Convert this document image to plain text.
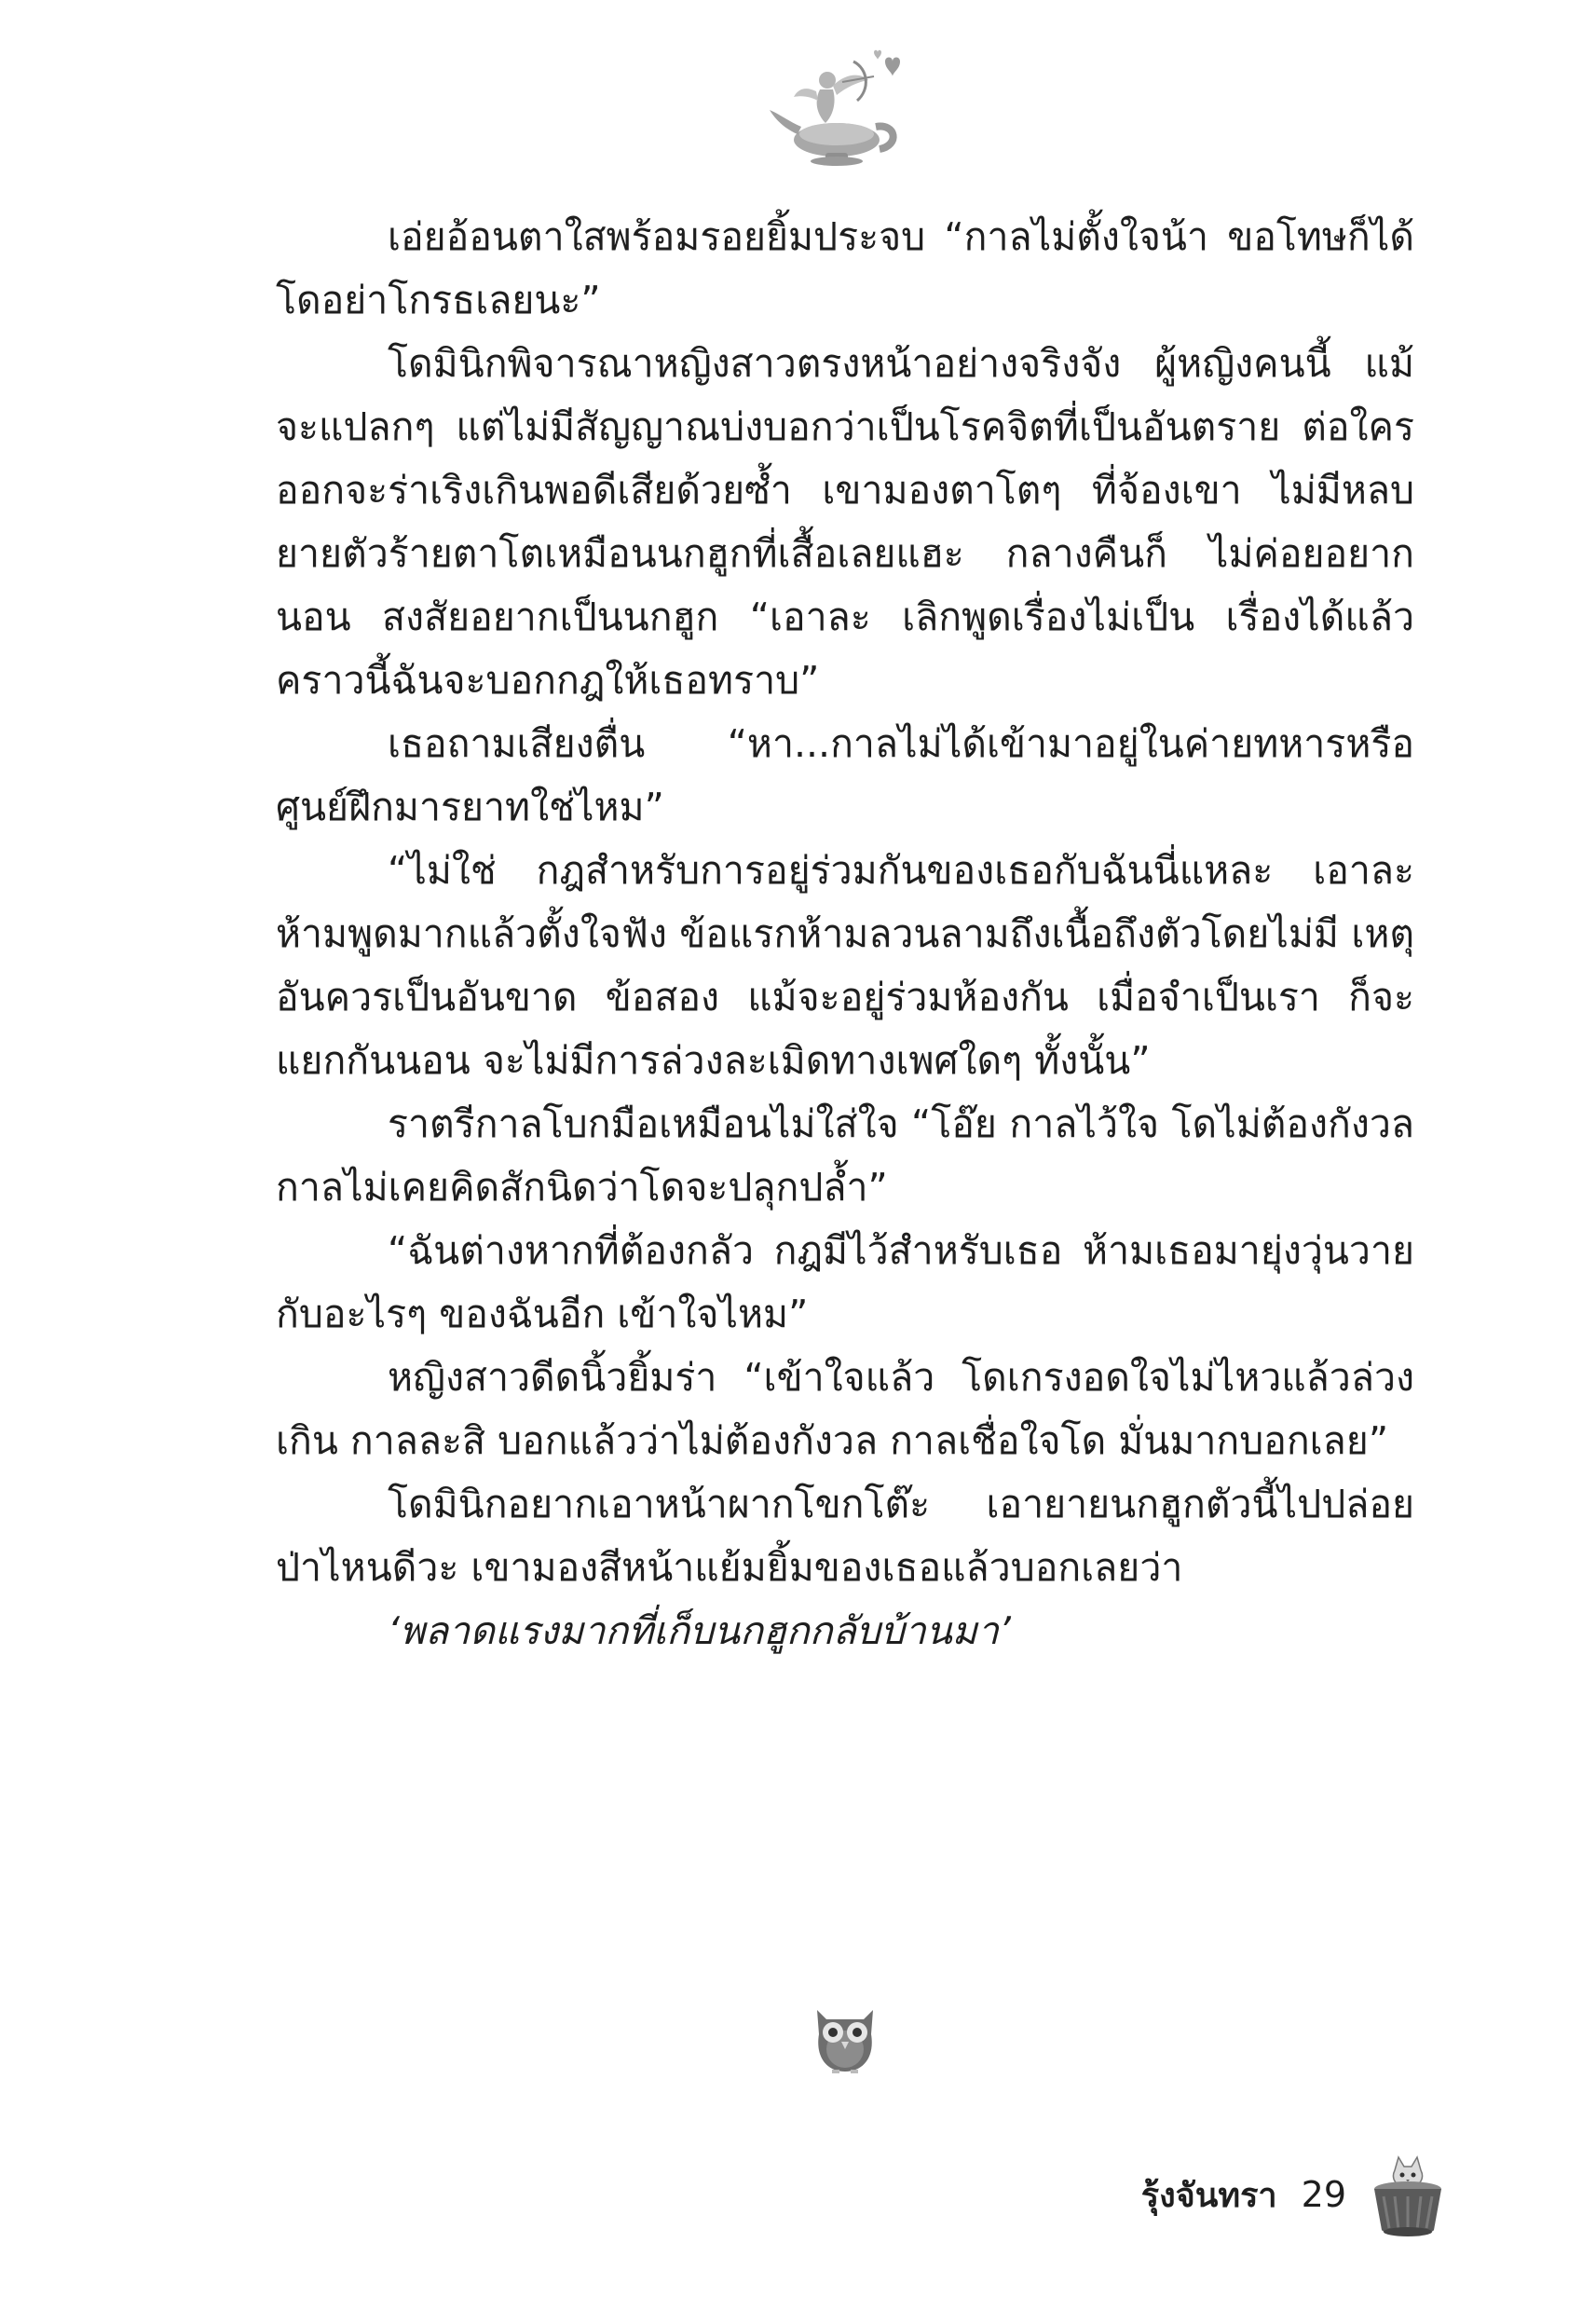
เอ่ยอ้อนตาใสพร้อมรอยยิ้มประจบ “กาลไม่ตั้งใจน้า ขอโทษก็ได้ โดอย่าโกรธเลยนะ”

โดมินิกพิจารณาหญิงสาวตรงหน้าอย่างจริงจัง ผู้หญิงคนนี้ แม้จะแปลกๆ แต่ไม่มีสัญญาณบ่งบอกว่าเป็นโรคจิตที่เป็นอันตราย ต่อใคร ออกจะร่าเริงเกินพอดีเสียด้วยซ้ำ เขามองตาโตๆ ที่จ้องเขา ไม่มีหลบ ยายตัวร้ายตาโตเหมือนนกฮูกที่เสื้อเลยแฮะ กลางคืนก็ ไม่ค่อยอยากนอน สงสัยอยากเป็นนกฮูก “เอาละ เลิกพูดเรื่องไม่เป็น เรื่องได้แล้ว คราวนี้ฉันจะบอกกฎให้เธอทราบ”

เธอถามเสียงตื่น “หา...กาลไม่ได้เข้ามาอยู่ในค่ายทหารหรือ ศูนย์ฝึกมารยาทใช่ไหม”

“ไม่ใช่ กฎสำหรับการอยู่ร่วมกันของเธอกับฉันนี่แหละ เอาละ ห้ามพูดมากแล้วตั้งใจฟัง ข้อแรกห้ามลวนลามถึงเนื้อถึงตัวโดยไม่มี เหตุอันควรเป็นอันขาด ข้อสอง แม้จะอยู่ร่วมห้องกัน เมื่อจำเป็นเรา ก็จะแยกกันนอน จะไม่มีการล่วงละเมิดทางเพศใดๆ ทั้งนั้น”

ราตรีกาลโบกมือเหมือนไม่ใส่ใจ “โอ๊ย กาลไว้ใจ โดไม่ต้องกังวล กาลไม่เคยคิดสักนิดว่าโดจะปลุกปล้ำ”

“ฉันต่างหากที่ต้องกลัว กฎมีไว้สำหรับเธอ ห้ามเธอมายุ่งวุ่นวาย กับอะไรๆ ของฉันอีก เข้าใจไหม”

หญิงสาวดีดนิ้วยิ้มร่า “เข้าใจแล้ว โดเกรงอดใจไม่ไหวแล้วล่วงเกิน กาลละสิ บอกแล้วว่าไม่ต้องกังวล กาลเชื่อใจโด มั่นมากบอกเลย”

โดมินิกอยากเอาหน้าผากโขกโต๊ะ เอายายนกฮูกตัวนี้ไปปล่อย ป่าไหนดีวะ เขามองสีหน้าแย้มยิ้มของเธอแล้วบอกเลยว่า

‘พลาดแรงมากที่เก็บนกฮูกกลับบ้านมา’

รุ้งจันทรา 29
